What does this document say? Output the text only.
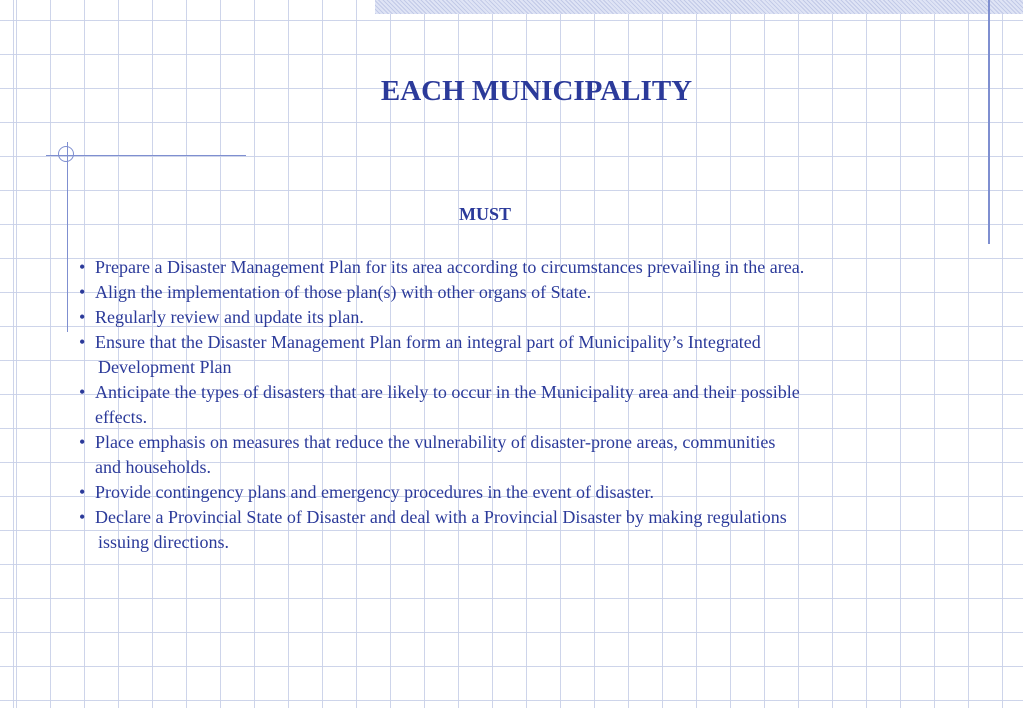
EACH MUNICIPALITY
MUST
• Prepare a Disaster Management Plan for its area according to circumstances prevailing in the area.
• Align the implementation of those plan(s) with other organs of State.
• Regularly review and update its plan.
• Ensure that the Disaster Management Plan form an integral part of Municipality’s Integrated
Development Plan
• Anticipate the types of disasters that are likely to occur in the Municipality area and their possible
effects.
• Place emphasis on measures that reduce the vulnerability of disaster-prone areas, communities
and households.
• Provide contingency plans and emergency procedures in the event of disaster.
• Declare a Provincial State of Disaster and deal with a Provincial Disaster by making regulations
issuing directions.
